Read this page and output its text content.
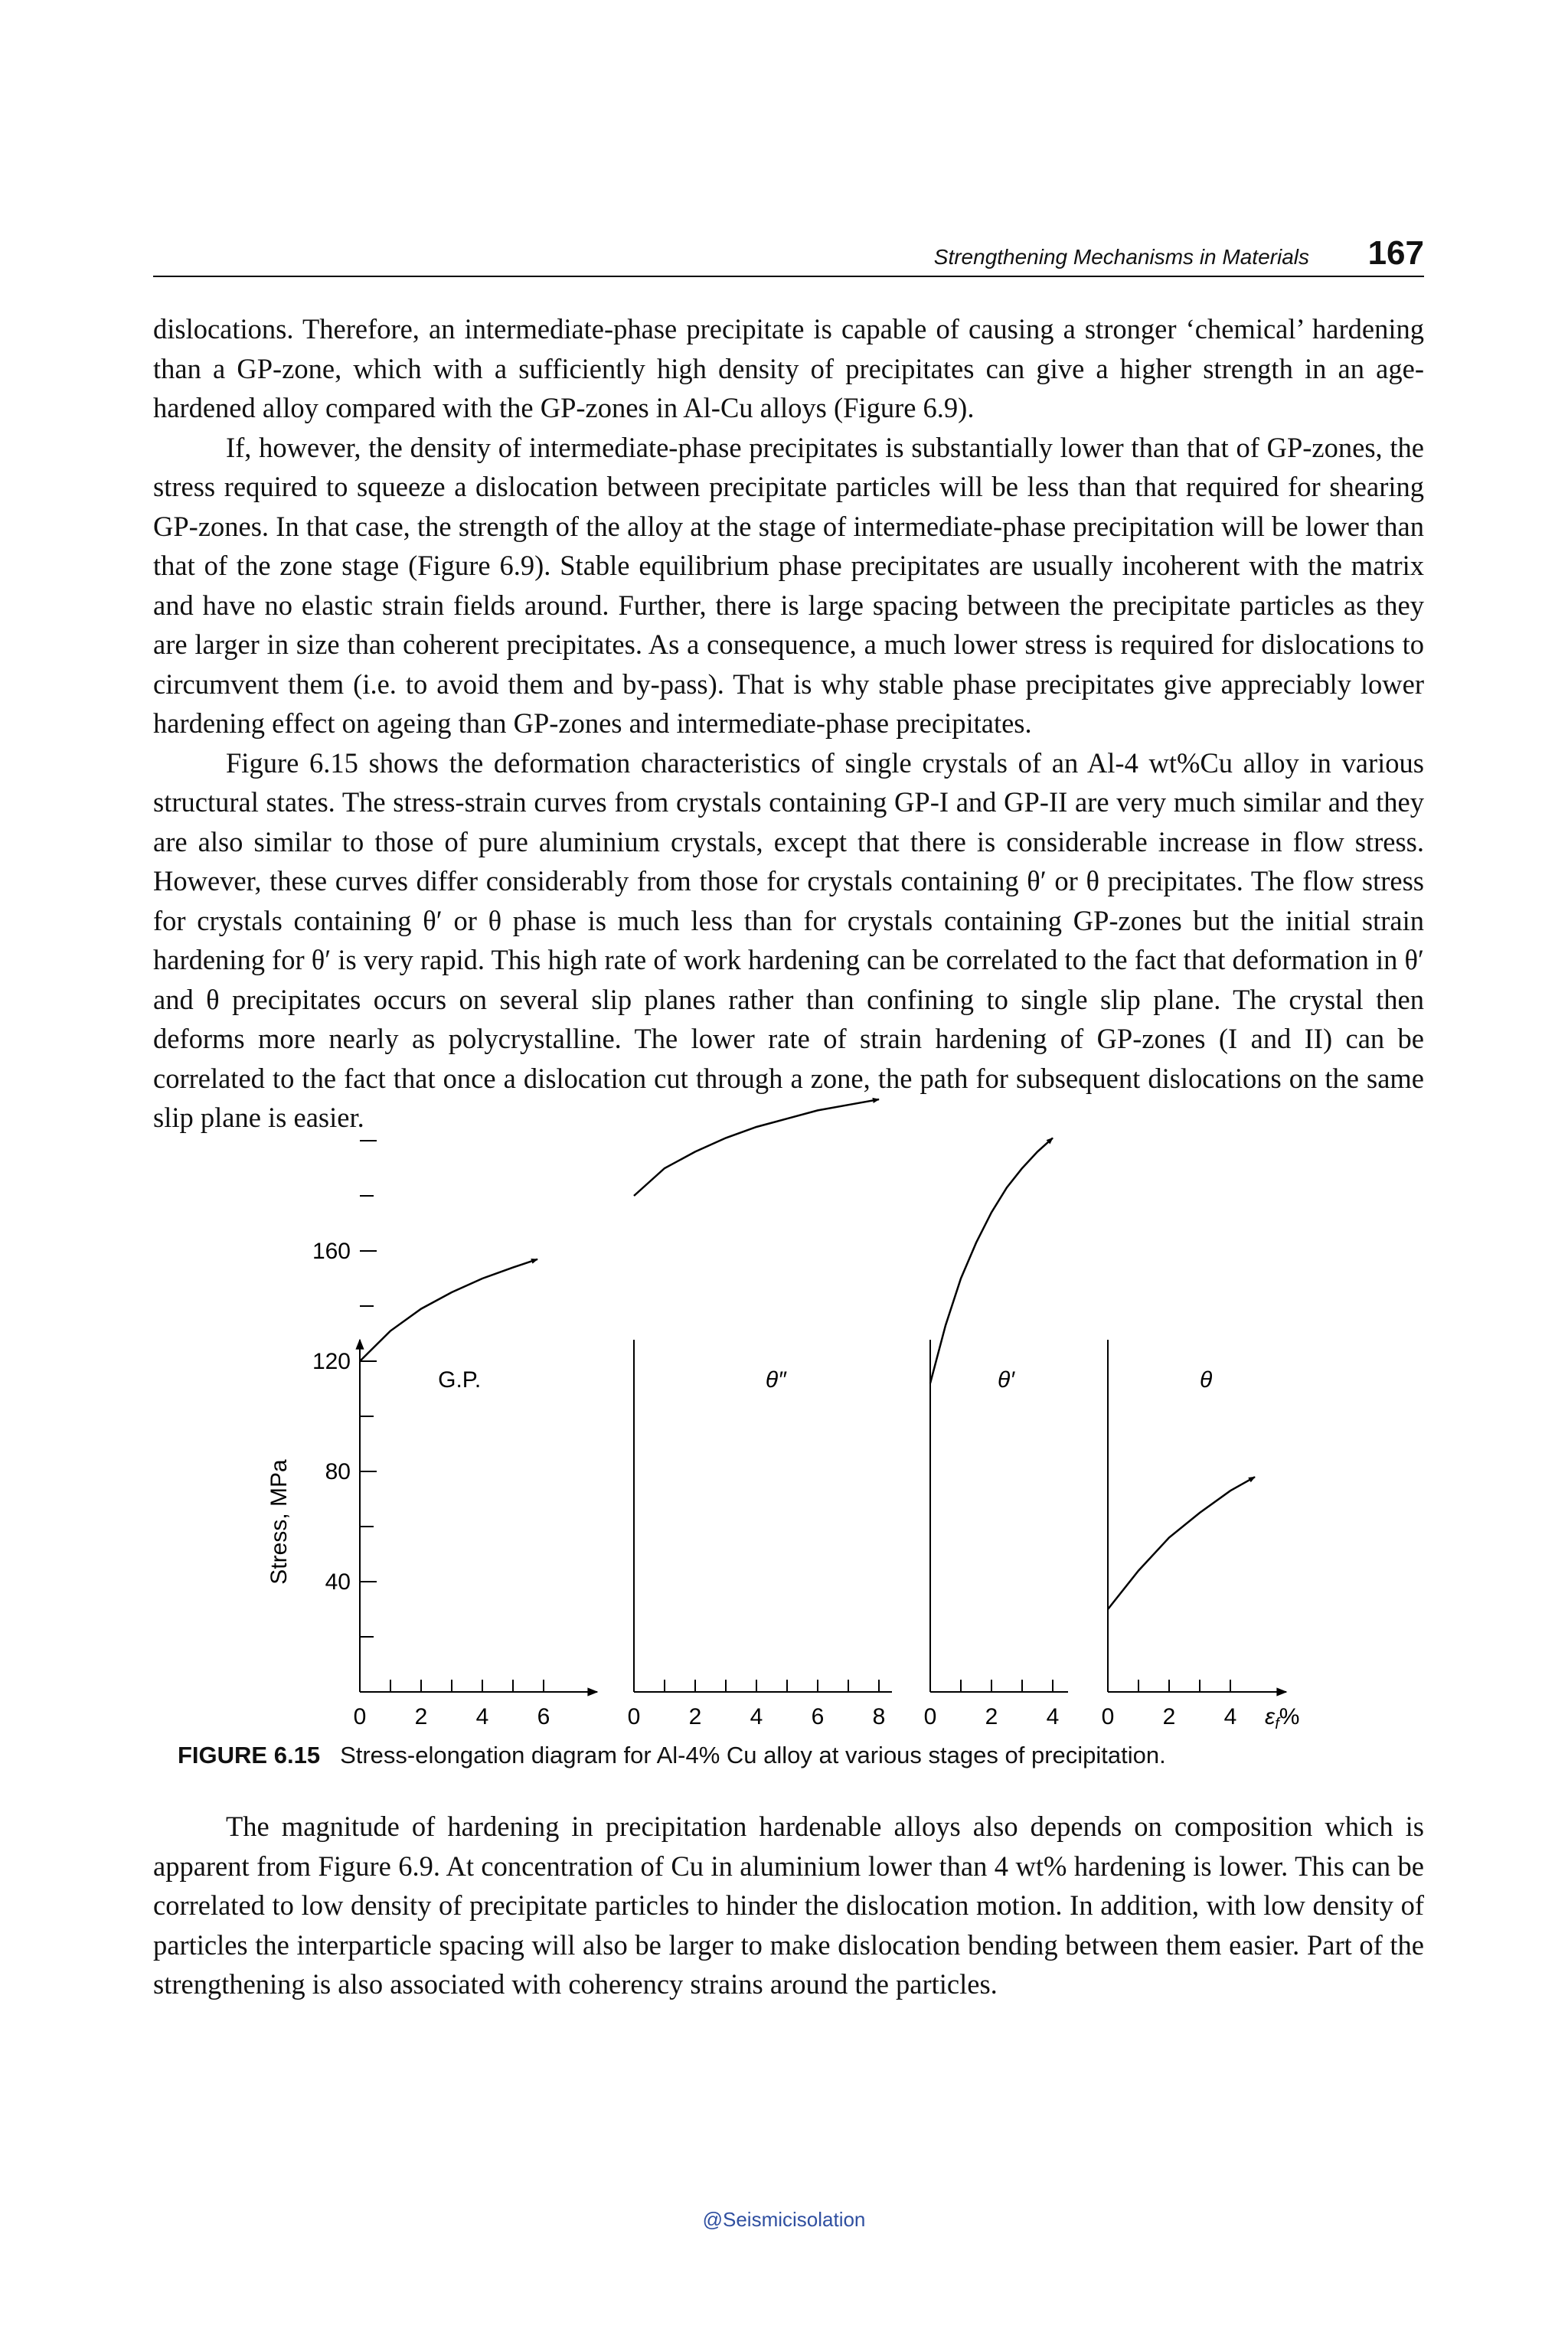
Strengthening Mechanisms in Materials 167

dislocations. Therefore, an intermediate-phase precipitate is capable of causing a stronger ‘chemical’ hardening than a GP-zone, which with a sufficiently high density of precipitates can give a higher strength in an age-hardened alloy compared with the GP-zones in Al-Cu alloys (Figure 6.9).

If, however, the density of intermediate-phase precipitates is substantially lower than that of GP-zones, the stress required to squeeze a dislocation between precipitate particles will be less than that required for shearing GP-zones. In that case, the strength of the alloy at the stage of intermediate-phase precipitation will be lower than that of the zone stage (Figure 6.9). Stable equilibrium phase precipitates are usually incoherent with the matrix and have no elastic strain fields around. Further, there is large spacing between the precipitate particles as they are larger in size than coherent precipitates. As a consequence, a much lower stress is required for dislocations to circumvent them (i.e. to avoid them and by-pass). That is why stable phase precipitates give appreciably lower hardening effect on ageing than GP-zones and intermediate-phase precipitates.

Figure 6.15 shows the deformation characteristics of single crystals of an Al-4 wt%Cu alloy in various structural states. The stress-strain curves from crystals containing GP-I and GP-II are very much similar and they are also similar to those of pure aluminium crystals, except that there is considerable increase in flow stress. However, these curves differ considerably from those for crystals containing θ′ or θ precipitates. The flow stress for crystals containing θ′ or θ phase is much less than for crystals containing GP-zones but the initial strain hardening for θ′ is very rapid. This high rate of work hardening can be correlated to the fact that deformation in θ′ and θ precipitates occurs on several slip planes rather than confining to single slip plane. The crystal then deforms more nearly as polycrystalline. The lower rate of strain hardening of GP-zones (I and II) can be correlated to the fact that once a dislocation cut through a zone, the path for subsequent dislocations on the same slip plane is easier.

0 2 4 6
G.P.
0 2 4 6 8
θ″
0 2 4
θ′
0 2 4
θ
40
80
120
160
Stress, MPa
$\varepsilon_f\%$
FIGURE 6.15 Stress-elongation diagram for Al-4% Cu alloy at various stages of precipitation.

The magnitude of hardening in precipitation hardenable alloys also depends on composition which is apparent from Figure 6.9. At concentration of Cu in aluminium lower than 4 wt% hardening is lower. This can be correlated to low density of precipitate particles to hinder the dislocation motion. In addition, with low density of particles the interparticle spacing will also be larger to make dislocation bending between them easier. Part of the strengthening is also associated with coherency strains around the particles.

@Seismicisolation
